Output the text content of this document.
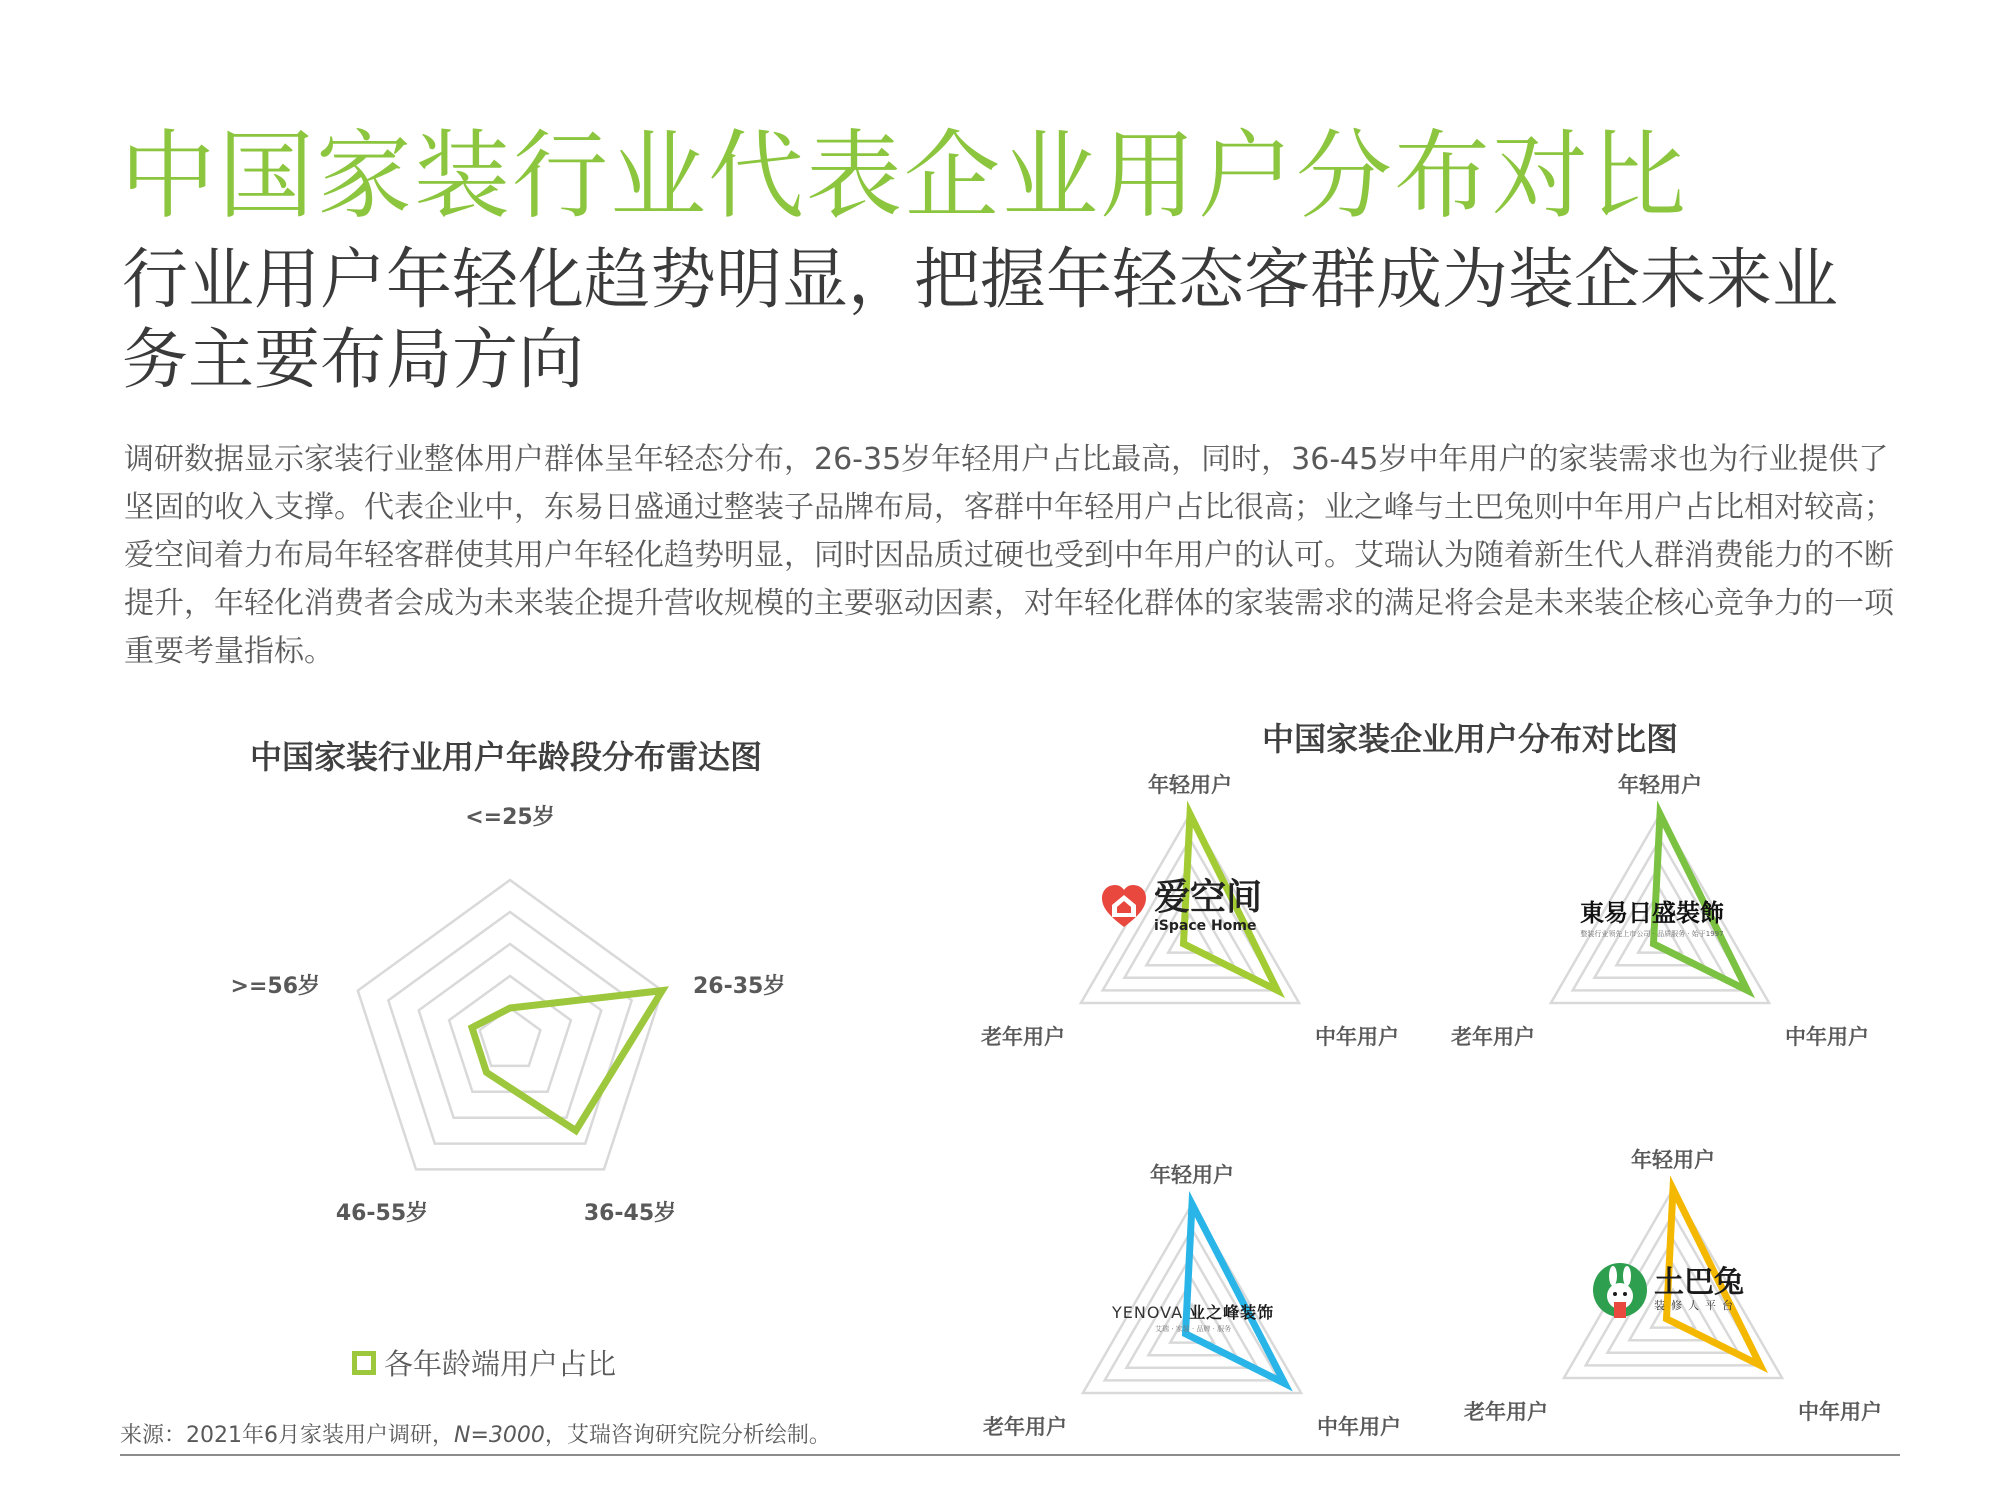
中国家装行业代表企业用户分布对比
行业用户年轻化趋势明显，把握年轻态客群成为装企未来业务主要布局方向

调研数据显示家装行业整体用户群体呈年轻态分布，26-35岁年轻用户占比最高，同时，36-45岁中年用户的家装需求也为行业提供了坚固的收入支撑。代表企业中，东易日盛通过整装子品牌布局，客群中年轻用户占比很高；业之峰与土巴兔则中年用户占比相对较高；爱空间着力布局年轻客群使其用户年轻化趋势明显，同时因品质过硬也受到中年用户的认可。艾瑞认为随着新生代人群消费能力的不断提升，年轻化消费者会成为未来装企提升营收规模的主要驱动因素，对年轻化群体的家装需求的满足将会是未来装企核心竞争力的一项重要考量指标。

中国家装行业用户年龄段分布雷达图	中国家装企业用户分布对比图
<=25岁
26-35岁
36-45岁
46-55岁
>=56岁
年轻用户
中年用户
老年用户
年轻用户
中年用户
老年用户
年轻用户
中年用户
老年用户
年轻用户
中年用户
老年用户
爱空间
iSpace Home	東易日盛裝飾
整装行业领先上市公司 · 品质服务 · 始于1997
YENOVA 业之峰装饰
艾瑞 · 家装 · 品牌 · 服务
土巴兔
装修人平台
各年龄端用户占比
来源：2021年6月家装用户调研，N=3000，艾瑞咨询研究院分析绘制。
